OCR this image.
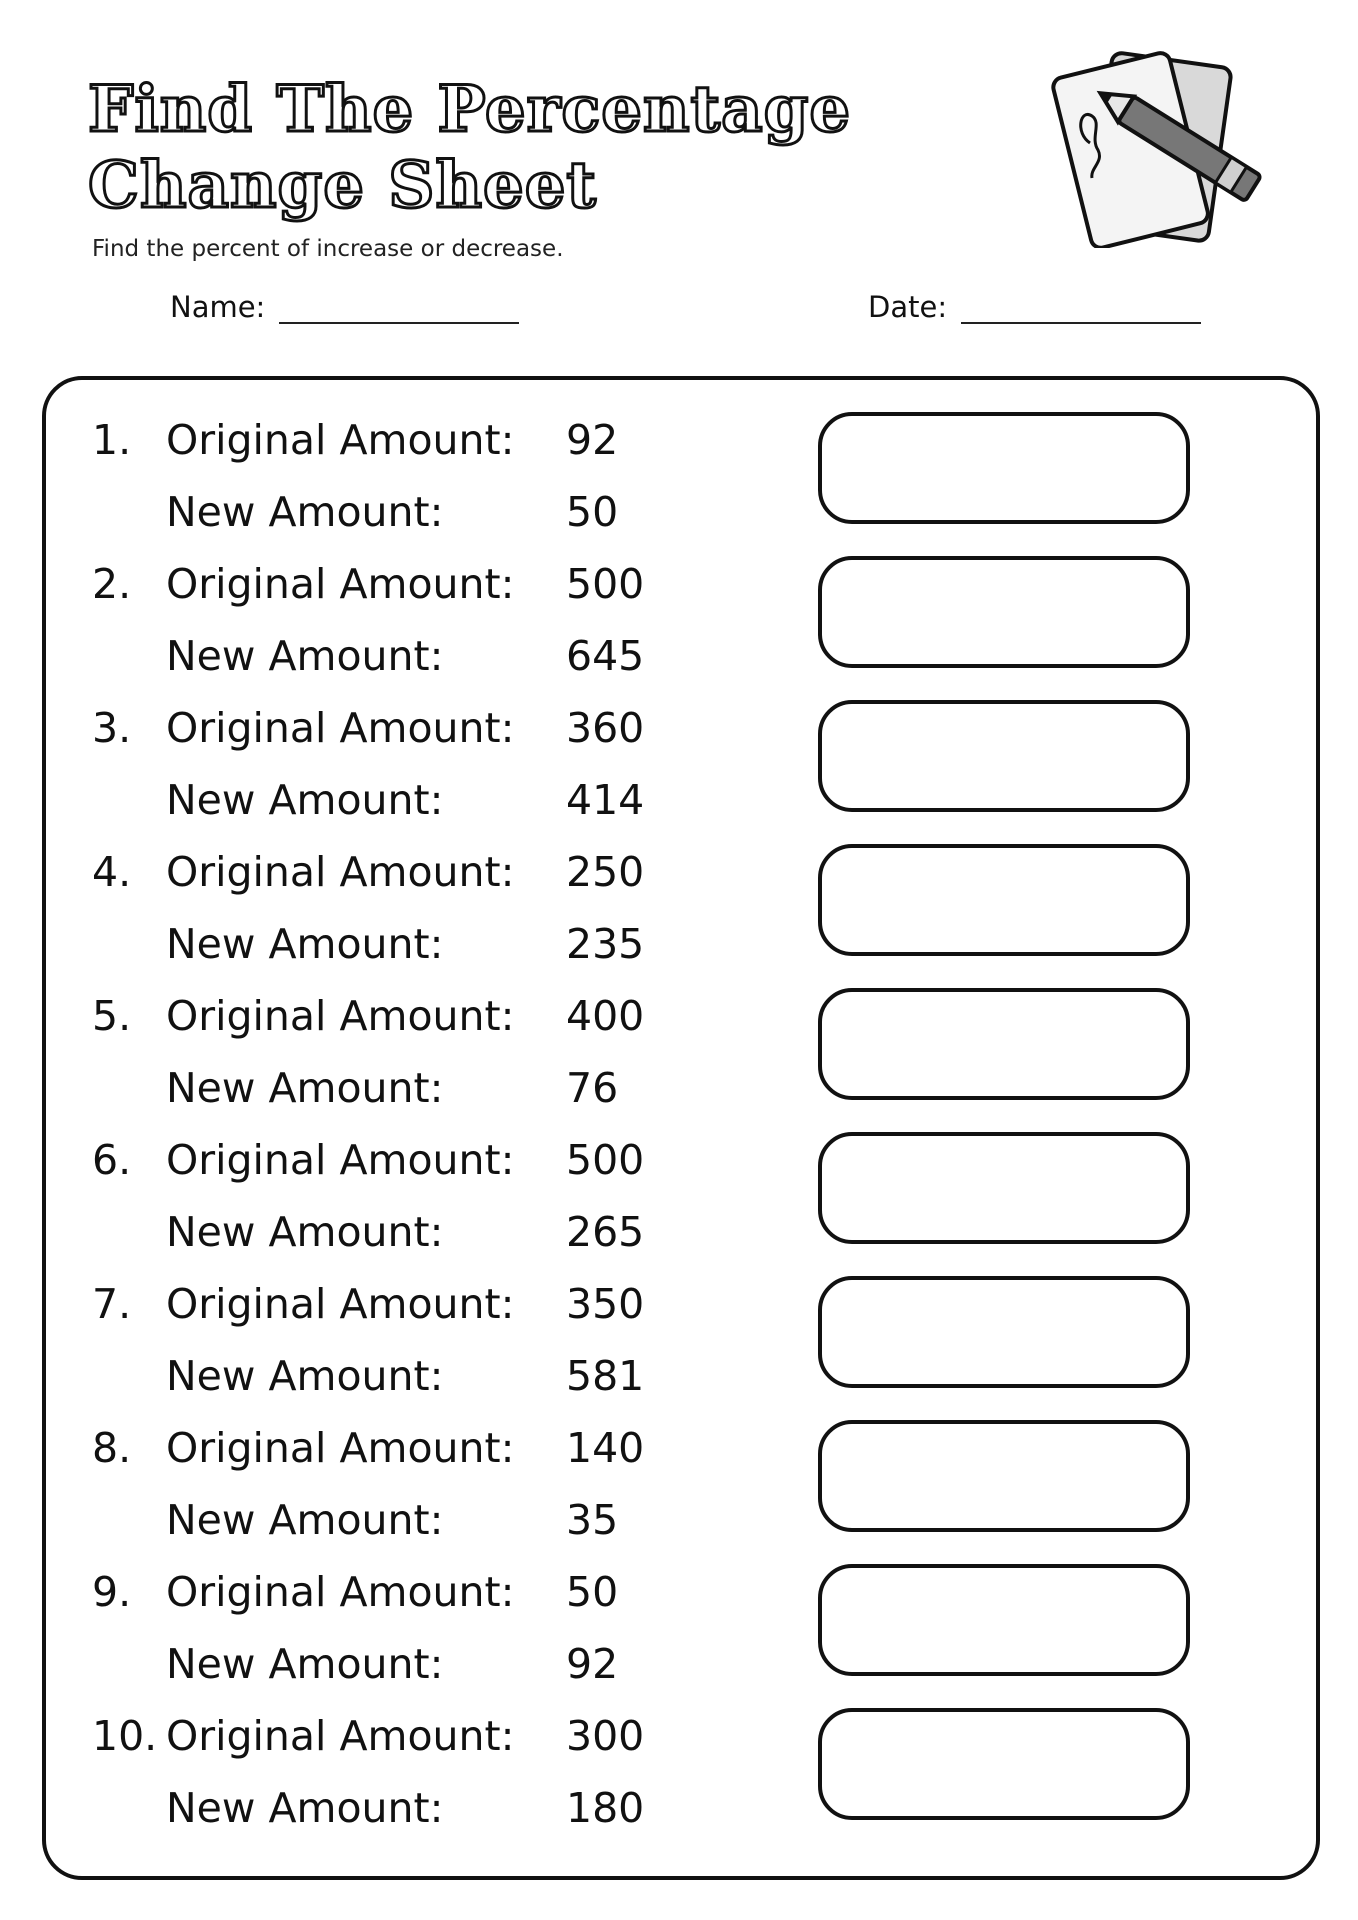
Find The Percentage
Change Sheet
Find the percent of increase or decrease.
Name:	Date:
1. Original Amount: 92
New Amount:	50
2. Original Amount: 500
New Amount:	645
3. Original Amount: 360
New Amount:	414
4. Original Amount: 250
New Amount:	235
5. Original Amount: 400
New Amount:	76
6. Original Amount: 500
New Amount:	265
7. Original Amount: 350
New Amount:	581
8. Original Amount: 140
New Amount:	35
9. Original Amount: 50
New Amount:	92
10. Original Amount: 300
New Amount:	180
